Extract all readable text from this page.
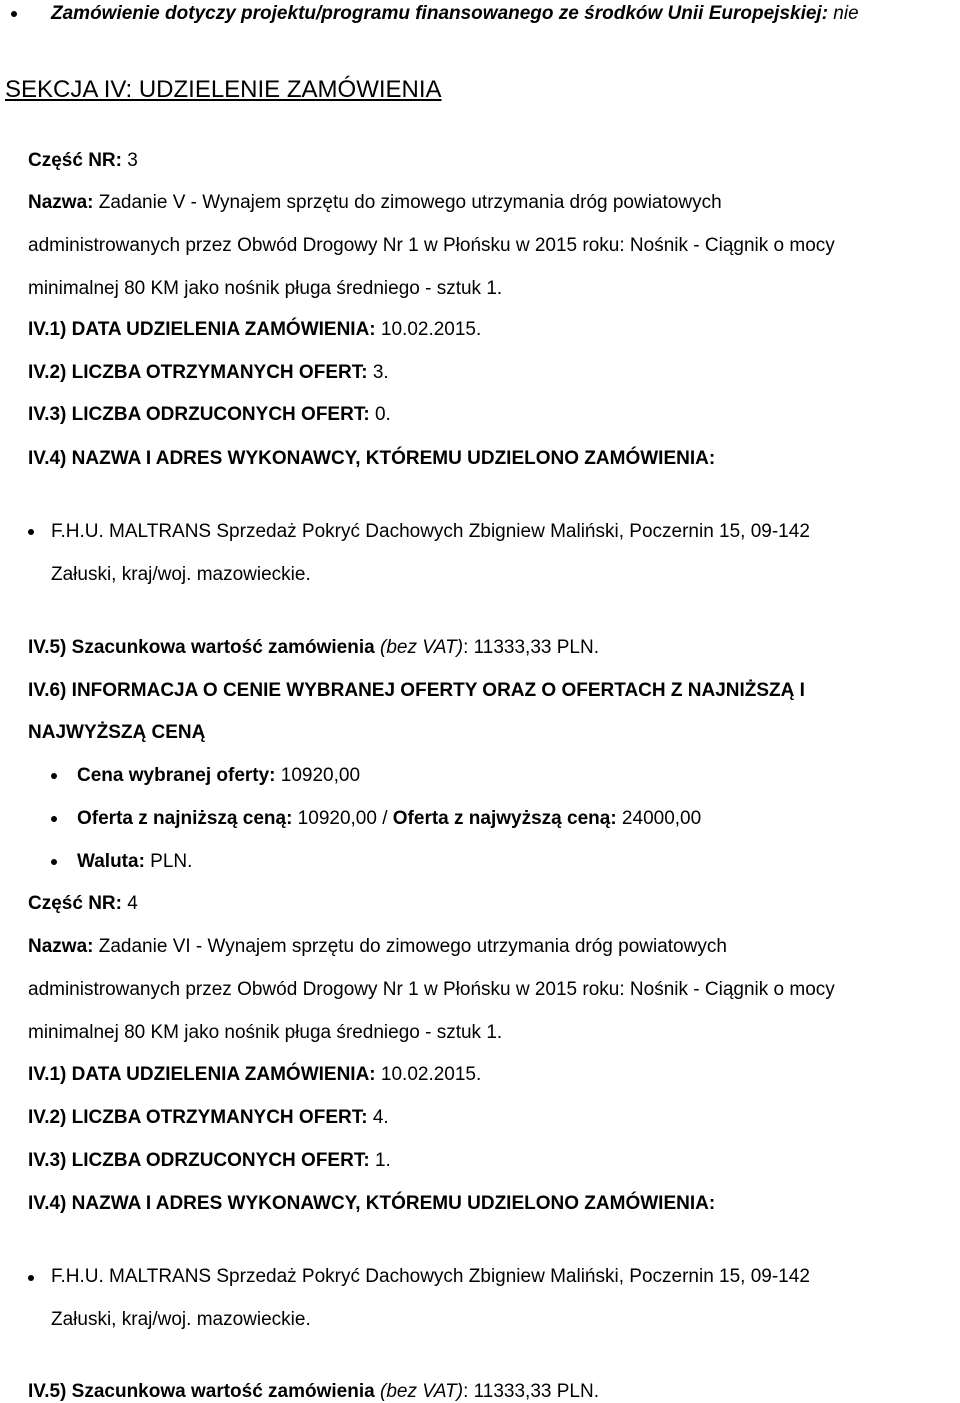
Zamówienie dotyczy projektu/programu finansowanego ze środków Unii Europejskiej: nie
SEKCJA IV: UDZIELENIE ZAMÓWIENIA
Część NR: 3
Nazwa: Zadanie V - Wynajem sprzętu do zimowego utrzymania dróg powiatowych
administrowanych przez Obwód Drogowy Nr 1 w Płońsku w 2015 roku: Nośnik - Ciągnik o mocy
minimalnej 80 KM jako nośnik pługa średniego - sztuk 1.
IV.1) DATA UDZIELENIA ZAMÓWIENIA: 10.02.2015.
IV.2) LICZBA OTRZYMANYCH OFERT: 3.
IV.3) LICZBA ODRZUCONYCH OFERT: 0.
IV.4) NAZWA I ADRES WYKONAWCY, KTÓREMU UDZIELONO ZAMÓWIENIA:
F.H.U. MALTRANS Sprzedaż Pokryć Dachowych Zbigniew Maliński, Poczernin 15, 09-142
Załuski, kraj/woj. mazowieckie.
IV.5) Szacunkowa wartość zamówienia (bez VAT): 11333,33 PLN.
IV.6) INFORMACJA O CENIE WYBRANEJ OFERTY ORAZ O OFERTACH Z NAJNIŻSZĄ I
NAJWYŻSZĄ CENĄ
Cena wybranej oferty: 10920,00
Oferta z najniższą ceną: 10920,00 / Oferta z najwyższą ceną: 24000,00
Waluta: PLN.
Część NR: 4
Nazwa: Zadanie VI - Wynajem sprzętu do zimowego utrzymania dróg powiatowych
administrowanych przez Obwód Drogowy Nr 1 w Płońsku w 2015 roku: Nośnik - Ciągnik o mocy
minimalnej 80 KM jako nośnik pługa średniego - sztuk 1.
IV.1) DATA UDZIELENIA ZAMÓWIENIA: 10.02.2015.
IV.2) LICZBA OTRZYMANYCH OFERT: 4.
IV.3) LICZBA ODRZUCONYCH OFERT: 1.
IV.4) NAZWA I ADRES WYKONAWCY, KTÓREMU UDZIELONO ZAMÓWIENIA:
F.H.U. MALTRANS Sprzedaż Pokryć Dachowych Zbigniew Maliński, Poczernin 15, 09-142
Załuski, kraj/woj. mazowieckie.
IV.5) Szacunkowa wartość zamówienia (bez VAT): 11333,33 PLN.
